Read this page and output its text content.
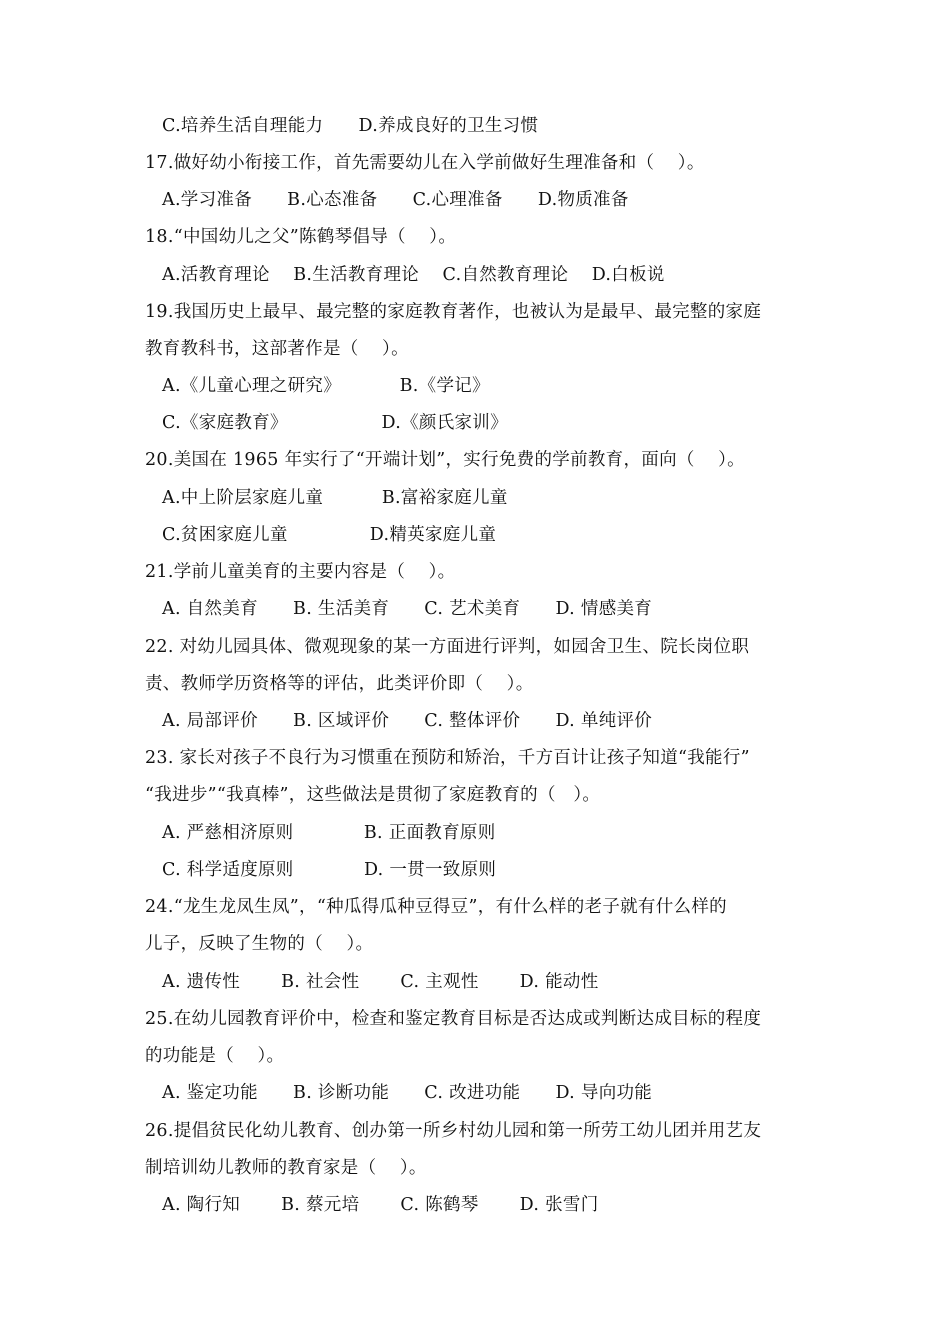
C.培养生活自理能力      D.养成良好的卫生习惯
17.做好幼小衔接工作，首先需要幼儿在入学前做好生理准备和（    ）。
A.学习准备      B.心态准备      C.心理准备      D.物质准备
18.“中国幼儿之父”陈鹤琴倡导（    ）。
A.活教育理论    B.生活教育理论    C.自然教育理论    D.白板说
19.我国历史上最早、最完整的家庭教育著作，也被认为是最早、最完整的家庭
教育教科书，这部著作是（    ）。
A.《儿童心理之研究》          B.《学记》
C.《家庭教育》                D.《颜氏家训》
20.美国在 1965 年实行了“开端计划”，实行免费的学前教育，面向（    ）。
A.中上阶层家庭儿童          B.富裕家庭儿童
C.贫困家庭儿童              D.精英家庭儿童
21.学前儿童美育的主要内容是（    ）。
A. 自然美育      B. 生活美育      C. 艺术美育      D. 情感美育
22. 对幼儿园具体、微观现象的某一方面进行评判，如园舍卫生、院长岗位职
责、教师学历资格等的评估，此类评价即（    ）。
A. 局部评价      B. 区域评价      C. 整体评价      D. 单纯评价
23. 家长对孩子不良行为习惯重在预防和矫治，千方百计让孩子知道“我能行”
“我进步”“我真棒”，这些做法是贯彻了家庭教育的（   ）。
A. 严慈相济原则            B. 正面教育原则
C. 科学适度原则            D. 一贯一致原则
24.“龙生龙凤生凤”，“种瓜得瓜种豆得豆”，有什么样的老子就有什么样的
儿子，反映了生物的（    ）。
A. 遗传性       B. 社会性       C. 主观性       D. 能动性
25.在幼儿园教育评价中，检查和鉴定教育目标是否达成或判断达成目标的程度
的功能是（    ）。
A. 鉴定功能      B. 诊断功能      C. 改进功能      D. 导向功能
26.提倡贫民化幼儿教育、创办第一所乡村幼儿园和第一所劳工幼儿团并用艺友
制培训幼儿教师的教育家是（    ）。
A. 陶行知       B. 蔡元培       C. 陈鹤琴       D. 张雪门
